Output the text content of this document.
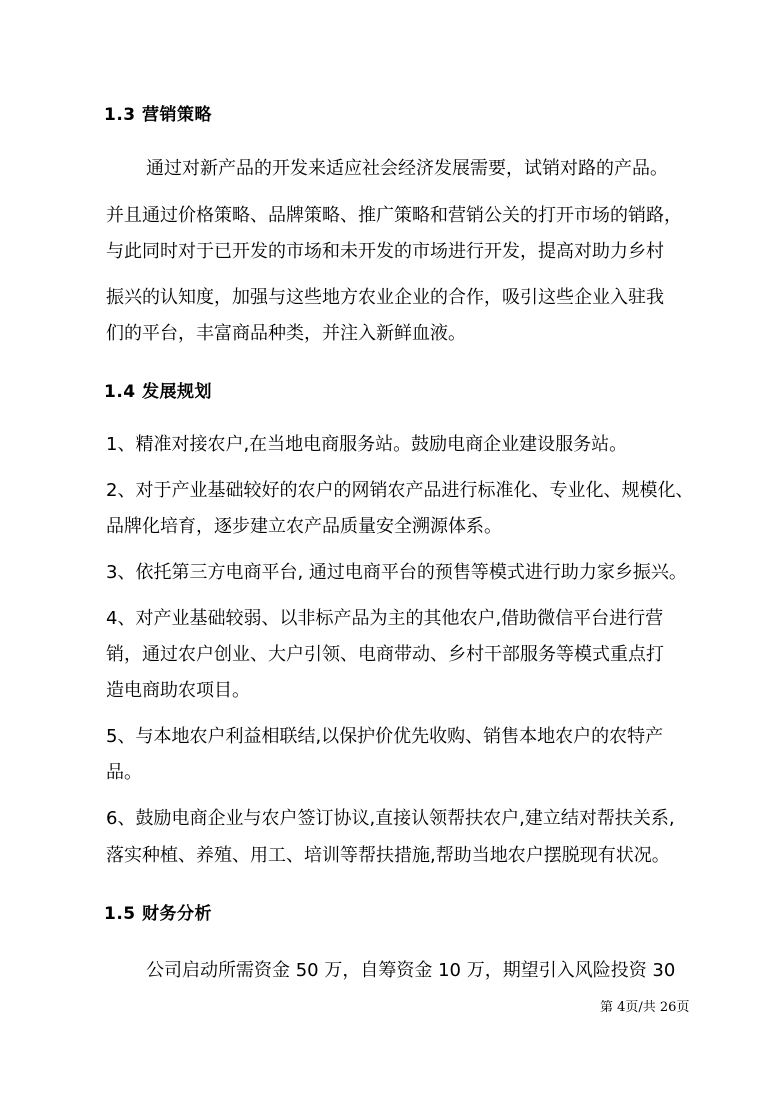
1.3 营销策略

通过对新产品的开发来适应社会经济发展需要，试销对路的产品。

并且通过价格策略、品牌策略、推广策略和营销公关的打开市场的销路，

与此同时对于已开发的市场和未开发的市场进行开发，提高对助力乡村

振兴的认知度，加强与这些地方农业企业的合作，吸引这些企业入驻我

们的平台，丰富商品种类，并注入新鲜血液。

1.4 发展规划

1、精准对接农户,在当地电商服务站。鼓励电商企业建设服务站。

2、对于产业基础较好的农户的网销农产品进行标准化、专业化、规模化、

品牌化培育，逐步建立农产品质量安全溯源体系。

3、依托第三方电商平台, 通过电商平台的预售等模式进行助力家乡振兴。

4、对产业基础较弱、以非标产品为主的其他农户,借助微信平台进行营

销，通过农户创业、大户引领、电商带动、乡村干部服务等模式重点打

造电商助农项目。

5、与本地农户利益相联结,以保护价优先收购、销售本地农户的农特产

品。

6、鼓励电商企业与农户签订协议,直接认领帮扶农户,建立结对帮扶关系,

落实种植、养殖、用工、培训等帮扶措施,帮助当地农户摆脱现有状况。

1.5 财务分析

公司启动所需资金 50 万，自筹资金 10 万，期望引入风险投资 30

第 4页/共 26页
